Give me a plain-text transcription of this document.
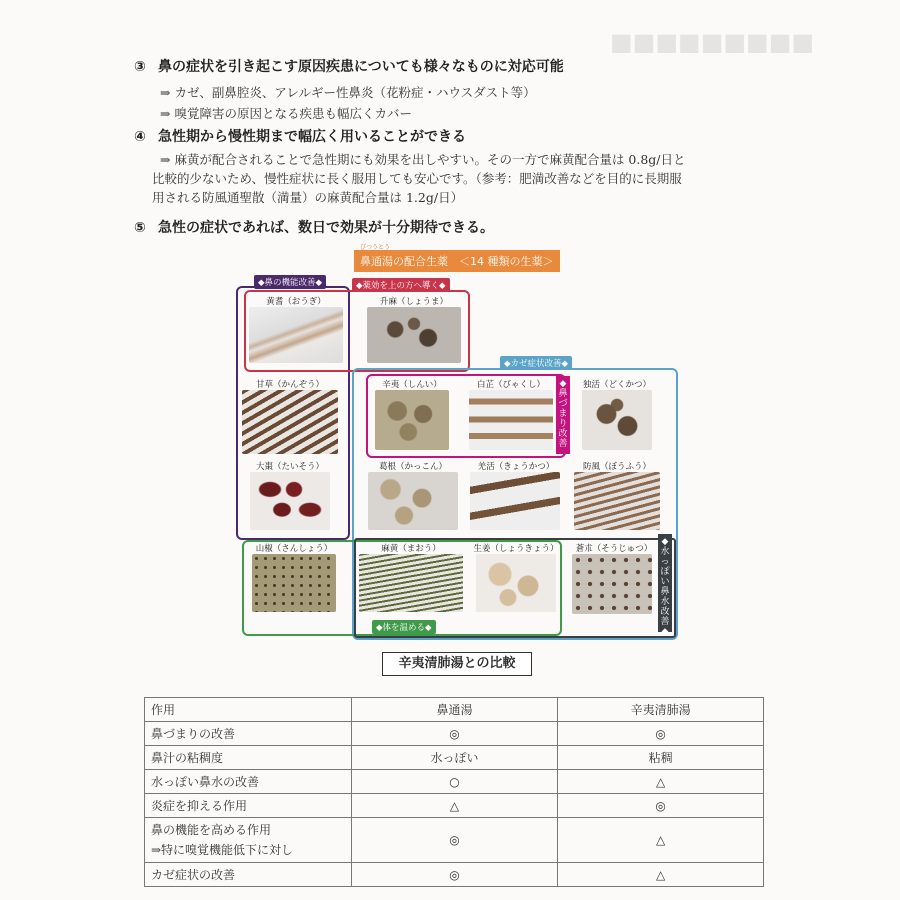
■■■■■■■■■
③ 鼻の症状を引き起こす原因疾患についても様々なものに対応可能
⇒ カゼ、副鼻腔炎、アレルギー性鼻炎（花粉症・ハウスダスト等）
⇒ 嗅覚障害の原因となる疾患も幅広くカバー
④ 急性期から慢性期まで幅広く用いることができる
⇒ 麻黄が配合されることで急性期にも効果を出しやすい。その一方で麻黄配合量は 0.8g/日と
比較的少ないため、慢性症状に長く服用しても安心です。（参考：肥満改善などを目的に長期服
用される防風通聖散（満量）の麻黄配合量は 1.2g/日）
⑤ 急性の症状であれば、数日で効果が十分期待できる。
びつうとう
鼻通湯の配合生薬　＜14 種類の生薬＞
◆鼻の機能改善◆	◆薬効を上の方へ導く◆
◆カゼ症状改善◆
◆
鼻
づ
ま
り
改
善
◆体を温める◆
◆
水
っ
ぽ
い
鼻
水
改
善
◆
黄耆（おうぎ）	升麻（しょうま）
甘草（かんぞう）	辛夷（しんい）	白芷（びゃくし）	独活（どくかつ）
大棗（たいそう）	葛根（かっこん）	羌活（きょうかつ）	防風（ぼうふう）
山椒（さんしょう）	麻黄（まおう）	生姜（しょうきょう）	蒼朮（そうじゅつ）
辛夷清肺湯との比較
作用	鼻通湯	辛夷清肺湯
鼻づまりの改善	◎	◎
鼻汁の粘稠度	水っぽい	粘稠
水っぽい鼻水の改善	○	△
炎症を抑える作用	△	◎

鼻の機能を高める作用
⇒特に嗅覚機能低下に対し	◎	△
カゼ症状の改善	◎	△
